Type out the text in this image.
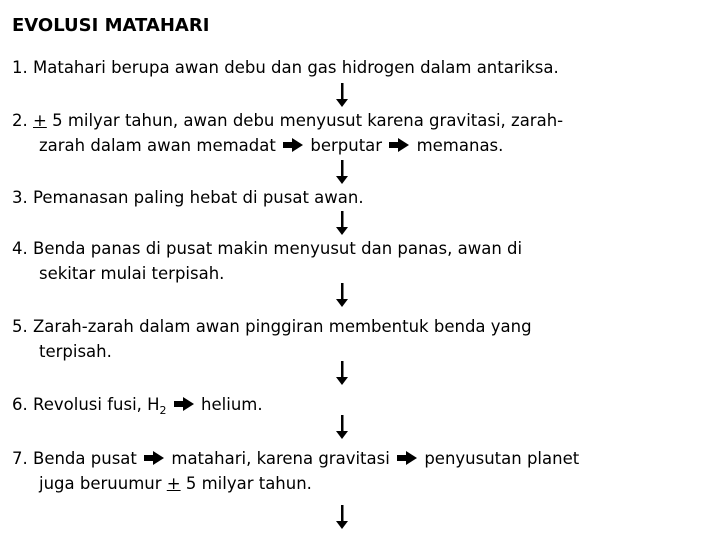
EVOLUSI MATAHARI
1. Matahari berupa awan debu dan gas hidrogen dalam antariksa.
2. + 5 milyar tahun, awan debu menyusut karena gravitasi, zarah-
zarah dalam awan memadat berputar memanas.
3. Pemanasan paling hebat di pusat awan.
4. Benda panas di pusat makin menyusut dan panas, awan di
sekitar mulai terpisah.
5. Zarah-zarah dalam awan pinggiran membentuk benda yang
terpisah.
6. Revolusi fusi, $H_2$ helium.
7. Benda pusat matahari, karena gravitasi penyusutan planet
juga beruumur + 5 milyar tahun.
